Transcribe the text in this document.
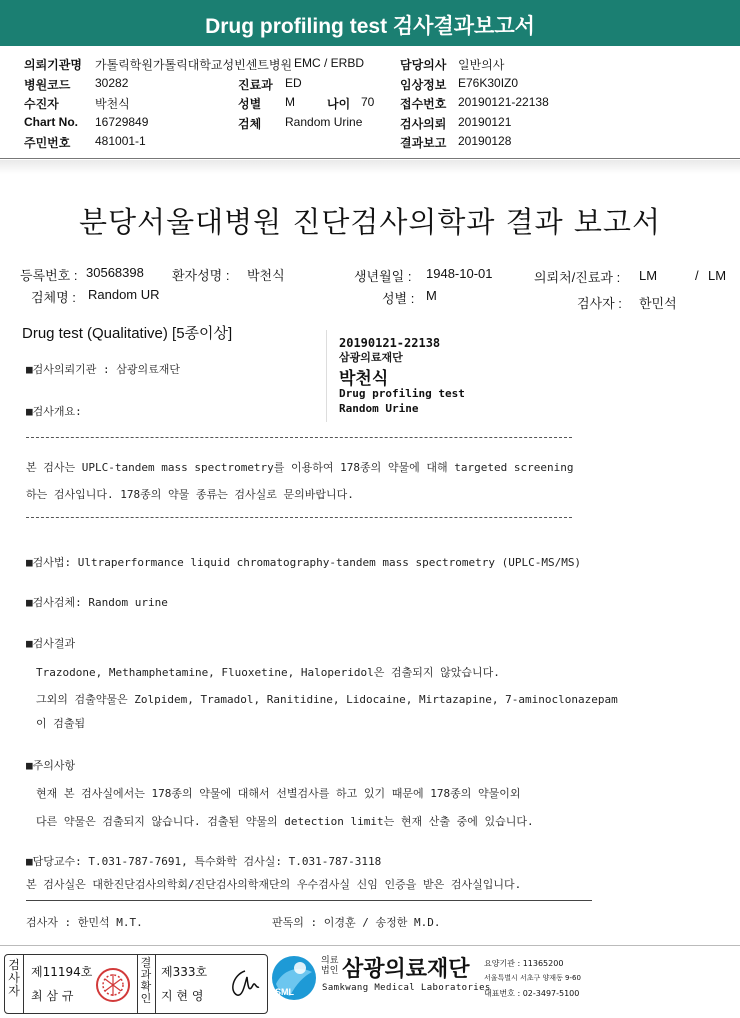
Drug profiling test 검사결과보고서
의뢰기관명 가톨릭학원가톨릭대학교성빈센트병원 EMC / ERBD
병원코드 30282	진료과 ED
수진자	박천식	성별 M	나이 70
Chart No. 16729849	검체 Random Urine
주민번호 481001-1
담당의사 일반의사
임상정보 E76K30IZ0
접수번호 20190121-22138
검사의뢰 20190121
결과보고 20190128
분당서울대병원 진단검사의학과 결과 보고서
등록번호 : 30568398 환자성명 : 박천식	생년월일 : 1948-10-01	의뢰처/진료과 : LM	/ LM
검체명 : Random UR	성별 : M
검사자 : 한민석
Drug test (Qualitative) [5종이상]
20190121-22138
삼광의료재단
박천식
Drug profiling test
Random Urine
■검사의뢰기관 : 삼광의료재단
■검사개요:
본 검사는 UPLC-tandem mass spectrometry를 이용하여 178종의 약물에 대해 targeted screening
하는 검사입니다. 178종의 약물 종류는 검사실로 문의바랍니다.
■검사법: Ultraperformance liquid chromatography-tandem mass spectrometry (UPLC-MS/MS)
■검사검체: Random urine
■검사결과
Trazodone, Methamphetamine, Fluoxetine, Haloperidol은 검출되지 않았습니다.
그외의 검출약물은 Zolpidem, Tramadol, Ranitidine, Lidocaine, Mirtazapine, 7-aminoclonazepam
이 검출됨
■주의사항
현재 본 검사실에서는 178종의 약물에 대해서 선별검사를 하고 있기 때문에 178종의 약물이외
다른 약물은 검출되지 않습니다. 검출된 약물의 detection limit는 현재 산출 중에 있습니다.
■담당교수: T.031-787-7691, 특수화학 검사실: T.031-787-3118
본 검사실은 대한진단검사의학회/진단검사의학재단의 우수검사실 신임 인증을 받은 검사실입니다.
검사자 : 한민석 M.T.	판독의 : 이경훈 / 송정한 M.D.
검사자
제11194호
최 삼 규
결과확인
제333호
지 현 영	SML
의료법인 삼광의료재단
Samkwang Medical Laboratories
요양기관 : 11365200
서울특별시 서초구 양재동 9-60
대표번호 : 02-3497-5100
